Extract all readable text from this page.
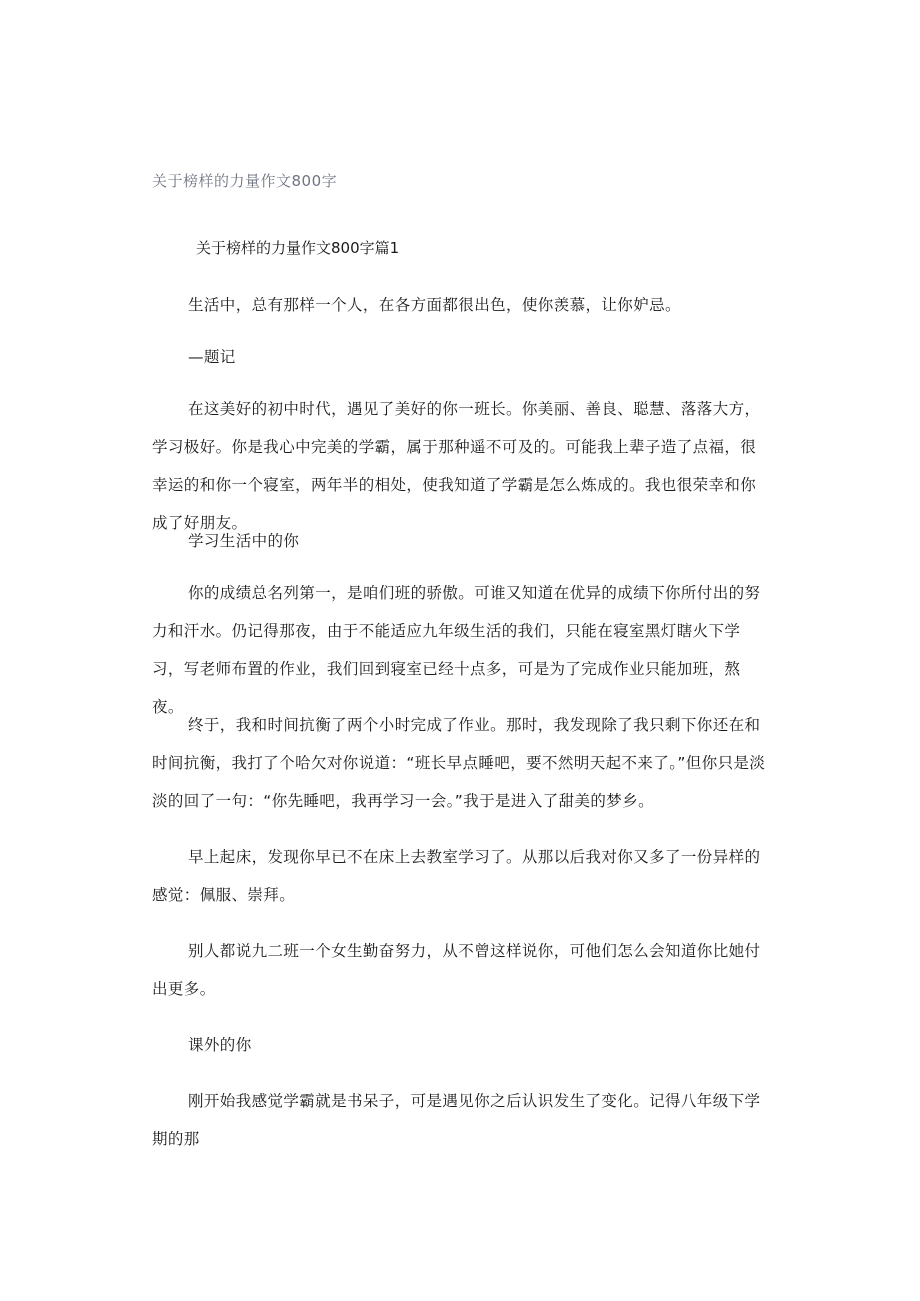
关于榜样的力量作文800字
关于榜样的力量作文800字篇1

生活中，总有那样一个人，在各方面都很出色，使你羡慕，让你妒忌。

—题记

在这美好的初中时代，遇见了美好的你一班长。你美丽、善良、聪慧、落落大方，学习极好。你是我心中完美的学霸，属于那种遥不可及的。可能我上辈子造了点福，很幸运的和你一个寝室，两年半的相处，使我知道了学霸是怎么炼成的。我也很荣幸和你成了好朋友。

学习生活中的你

你的成绩总名列第一，是咱们班的骄傲。可谁又知道在优异的成绩下你所付出的努力和汗水。仍记得那夜，由于不能适应九年级生活的我们，只能在寝室黑灯瞎火下学习，写老师布置的作业，我们回到寝室已经十点多，可是为了完成作业只能加班，熬夜。

终于，我和时间抗衡了两个小时完成了作业。那时，我发现除了我只剩下你还在和时间抗衡，我打了个哈欠对你说道：“班长早点睡吧，要不然明天起不来了。”但你只是淡淡的回了一句：“你先睡吧，我再学习一会。”我于是进入了甜美的梦乡。

早上起床，发现你早已不在床上去教室学习了。从那以后我对你又多了一份异样的感觉：佩服、崇拜。

别人都说九二班一个女生勤奋努力，从不曾这样说你，可他们怎么会知道你比她付出更多。

课外的你

刚开始我感觉学霸就是书呆子，可是遇见你之后认识发生了变化。记得八年级下学期的那
